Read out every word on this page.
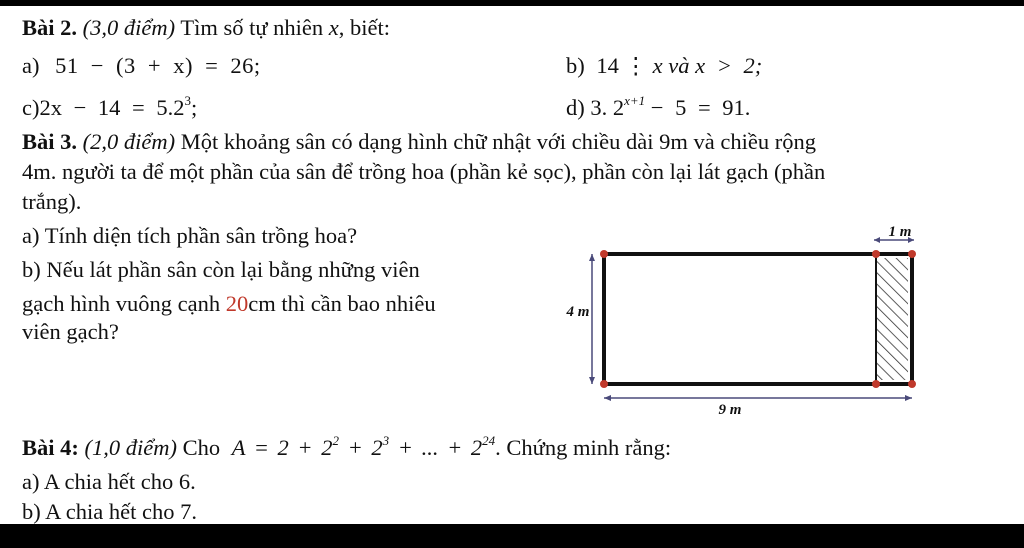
Bài 2. (3,0 điểm) Tìm số tự nhiên x, biết:
a) 51 − (3 + x) = 26;	b) 14 ⋮ x và x > 2;
$c)2x - 14 = 5.2^3$;	d) 3. $2^{x+1} - 5 = 91$.
Bài 3. (2,0 điểm) Một khoảng sân có dạng hình chữ nhật với chiều dài 9m và chiều rộng
4m. người ta để một phần của sân để trồng hoa (phần kẻ sọc), phần còn lại lát gạch (phần
trắng).
a) Tính diện tích phần sân trồng hoa?
b) Nếu lát phần sân còn lại bằng những viên
gạch hình vuông cạnh 20cm thì cần bao nhiêu
viên gạch?
1 m
4 m
9 m
Bài 4: (1,0 điểm) Cho $A = 2 + 2^2 + 2^3$ + ... + $2^{24}$. Chứng minh rằng:
a) A chia hết cho 6.
b) A chia hết cho 7.
